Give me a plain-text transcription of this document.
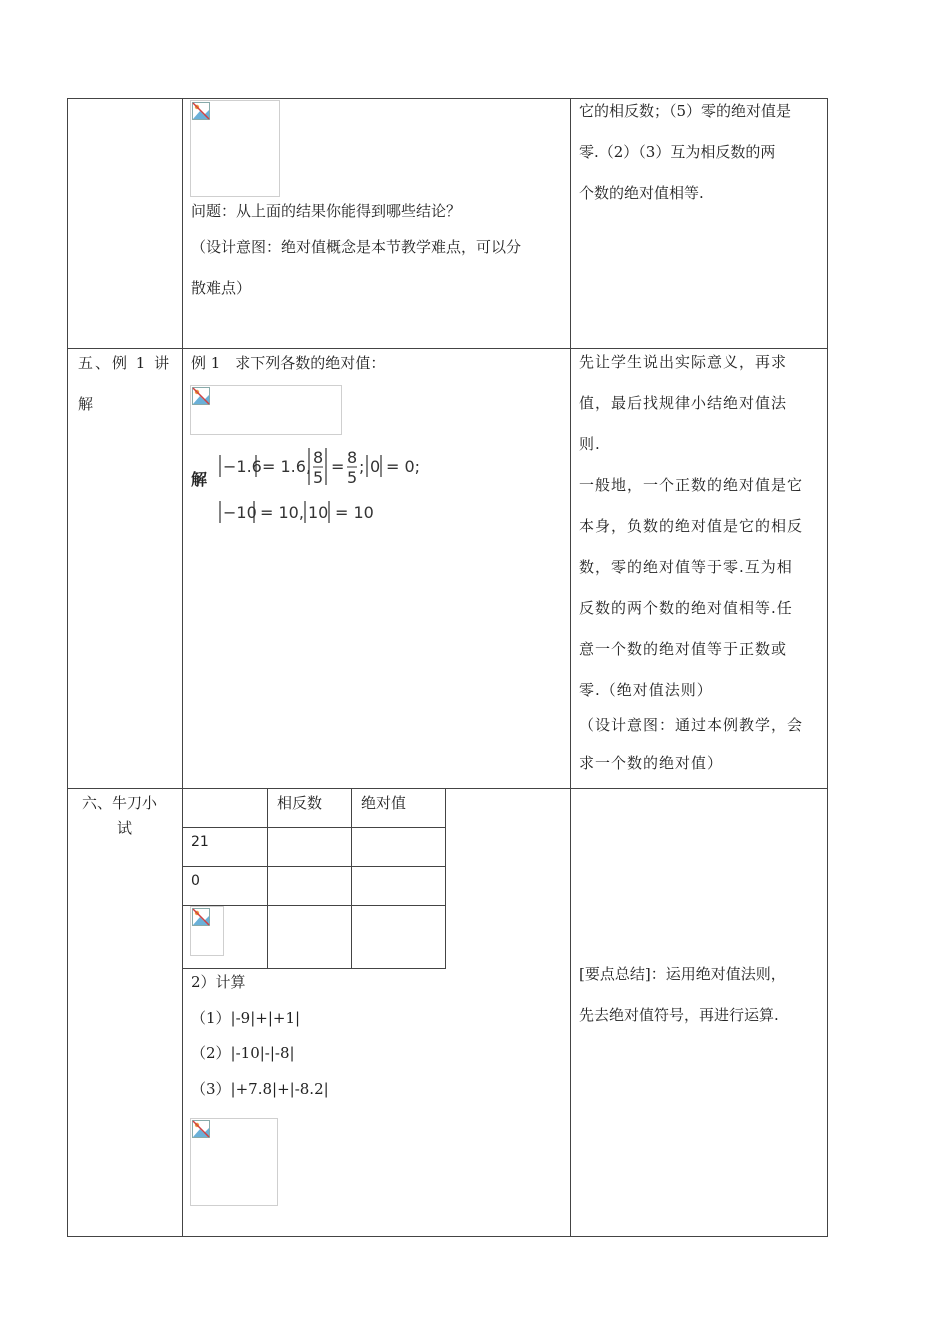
问题：从上面的结果你能得到哪些结论？
（设计意图：绝对值概念是本节教学难点，可以分
散难点）
它的相反数；（5）零的绝对值是
零.（2）（3）互为相反数的两
个数的绝对值相等.
五、例 1 讲
解
例 1　求下列各数的绝对值：
解
−1.6 = 1.6, 8
5
= 8
5
; 0 = 0;
−10 = 10, 10 = 10
先让学生说出实际意义，再求
值，最后找规律小结绝对值法
则.
一般地，一个正数的绝对值是它
本身，负数的绝对值是它的相反
数，零的绝对值等于零.互为相
反数的两个数的绝对值相等.任
意一个数的绝对值等于正数或
零.（绝对值法则）
（设计意图：通过本例教学，会
求一个数的绝对值）
六、牛刀小
试
相反数	绝对值
21
0
2）计算
（1）|-9|+|+1|
（2）|-10|-|-8|
（3）|+7.8|+|-8.2|
[要点总结]：运用绝对值法则，
先去绝对值符号，再进行运算.
